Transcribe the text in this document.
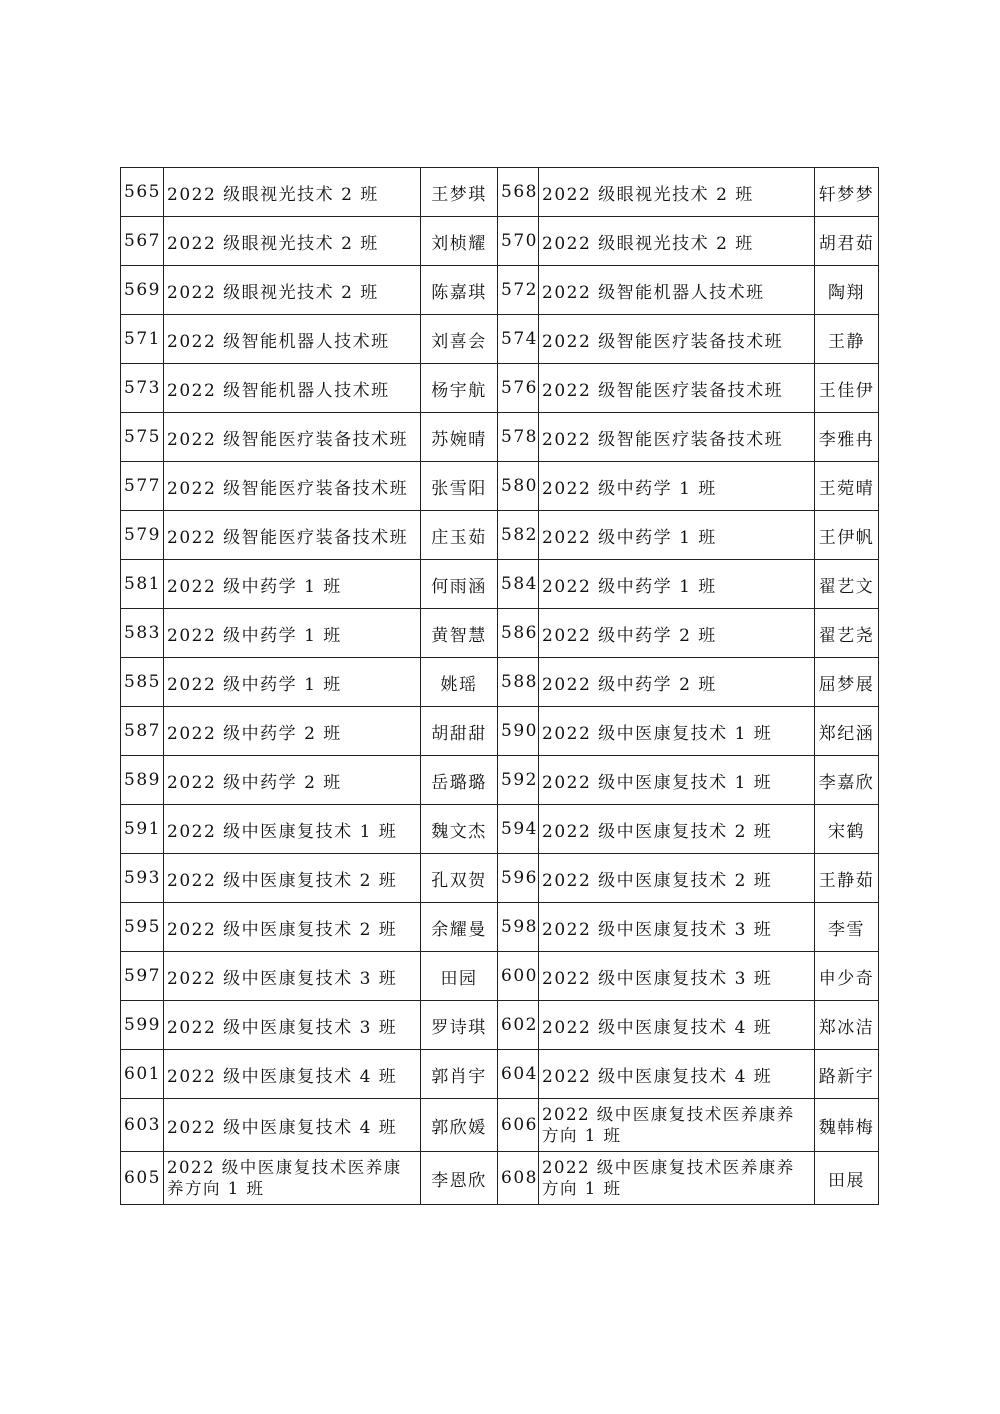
565	2022 级眼视光技术 2 班	王梦琪	568	2022 级眼视光技术 2 班	轩梦梦
567	2022 级眼视光技术 2 班	刘桢耀	570	2022 级眼视光技术 2 班	胡君茹
569	2022 级眼视光技术 2 班	陈嘉琪	572	2022 级智能机器人技术班	陶翔
571	2022 级智能机器人技术班	刘喜会	574	2022 级智能医疗装备技术班	王静
573	2022 级智能机器人技术班	杨宇航	576	2022 级智能医疗装备技术班	王佳伊
575	2022 级智能医疗装备技术班	苏婉晴	578	2022 级智能医疗装备技术班	李雅冉
577	2022 级智能医疗装备技术班	张雪阳	580	2022 级中药学 1 班	王菀晴
579	2022 级智能医疗装备技术班	庄玉茹	582	2022 级中药学 1 班	王伊帆
581	2022 级中药学 1 班	何雨涵	584	2022 级中药学 1 班	翟艺文
583	2022 级中药学 1 班	黄智慧	586	2022 级中药学 2 班	翟艺尧
585	2022 级中药学 1 班	姚瑶	588	2022 级中药学 2 班	屈梦展
587	2022 级中药学 2 班	胡甜甜	590	2022 级中医康复技术 1 班	郑纪涵
589	2022 级中药学 2 班	岳璐璐	592	2022 级中医康复技术 1 班	李嘉欣
591	2022 级中医康复技术 1 班	魏文杰	594	2022 级中医康复技术 2 班	宋鹤
593	2022 级中医康复技术 2 班	孔双贺	596	2022 级中医康复技术 2 班	王静茹
595	2022 级中医康复技术 2 班	余耀曼	598	2022 级中医康复技术 3 班	李雪
597	2022 级中医康复技术 3 班	田园	600	2022 级中医康复技术 3 班	申少奇
599	2022 级中医康复技术 3 班	罗诗琪	602	2022 级中医康复技术 4 班	郑冰洁
601	2022 级中医康复技术 4 班	郭肖宇	604	2022 级中医康复技术 4 班	路新宇
603	2022 级中医康复技术 4 班	郭欣媛	606	2022 级中医康复技术医养康养方向 1 班	魏韩梅
605	2022 级中医康复技术医养康养方向 1 班	李恩欣	608	2022 级中医康复技术医养康养方向 1 班	田展
